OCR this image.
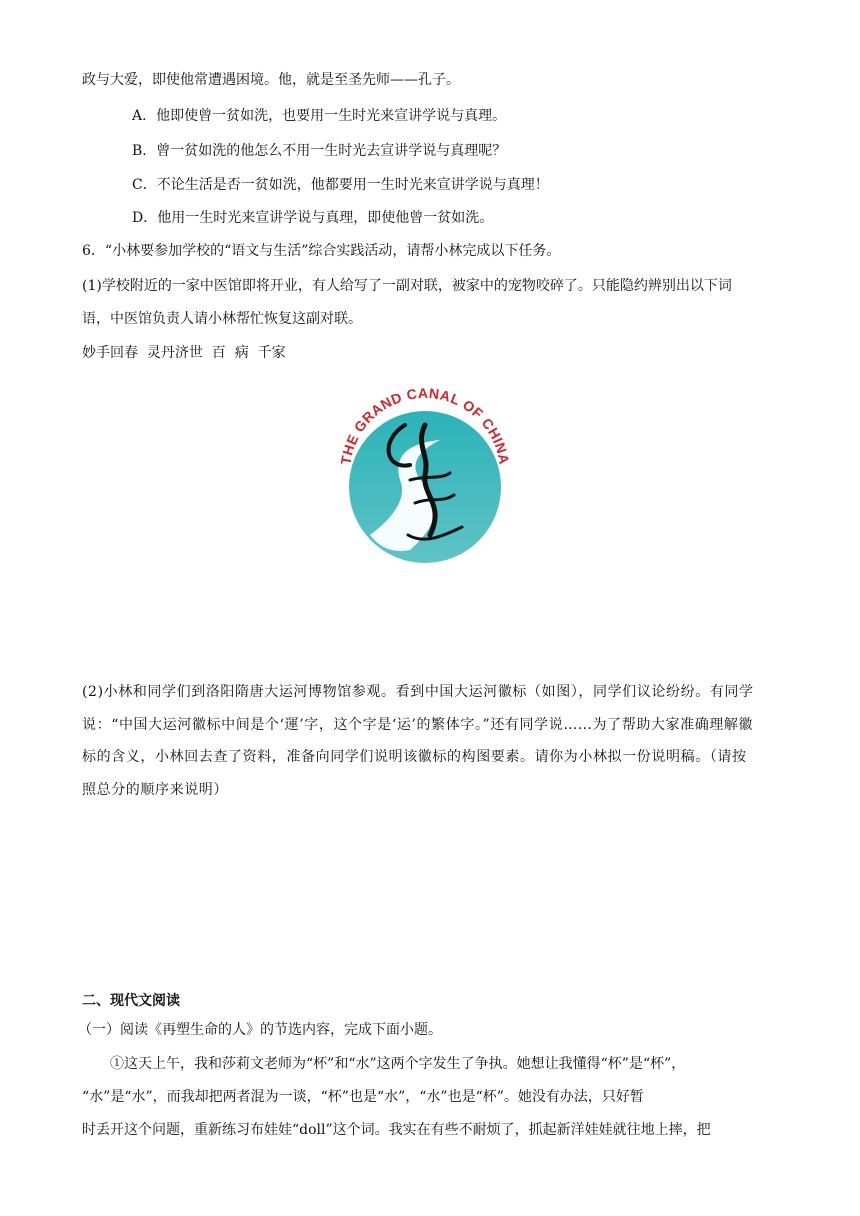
政与大爱，即使他常遭遇困境。他，就是至圣先师——孔子。
A．他即使曾一贫如洗，也要用一生时光来宣讲学说与真理。
B．曾一贫如洗的他怎么不用一生时光去宣讲学说与真理呢？
C．不论生活是否一贫如洗，他都要用一生时光来宣讲学说与真理！
D．他用一生时光来宣讲学说与真理，即使他曾一贫如洗。
6．“小林要参加学校的“语文与生活”综合实践活动，请帮小林完成以下任务。
(1)学校附近的一家中医馆即将开业，有人给写了一副对联，被家中的宠物咬碎了。只能隐约辨别出以下词
语，中医馆负责人请小林帮忙恢复这副对联。
妙手回春  灵丹济世  百  病  千家
THE GRAND CANAL OF CHINA
(2)小林和同学们到洛阳隋唐大运河博物馆参观。看到中国大运河徽标（如图），同学们议论纷纷。有同学
说：“中国大运河徽标中间是个‘運’字，这个字是‘运’的繁体字。”还有同学说……为了帮助大家准确理解徽
标的含义，小林回去查了资料，准备向同学们说明该徽标的构图要素。请你为小林拟一份说明稿。（请按
照总分的顺序来说明）
二、现代文阅读
（一）阅读《再塑生命的人》的节选内容，完成下面小题。
　　①这天上午，我和莎莉文老师为“杯”和“水”这两个字发生了争执。她想让我懂得“杯”是“杯”，
“水”是“水”，而我却把两者混为一谈，“杯”也是“水”，“水”也是“杯”。她没有办法，只好暂
时丢开这个问题，重新练习布娃娃“doll”这个词。我实在有些不耐烦了，抓起新洋娃娃就往地上摔，把
